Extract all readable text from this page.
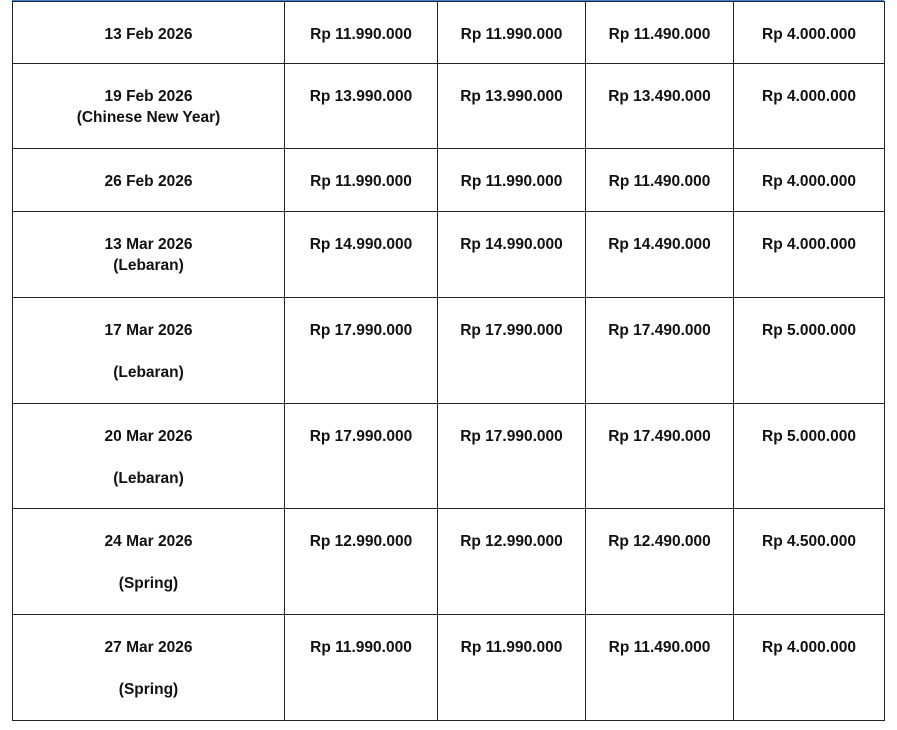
13 Feb 2026	Rp 11.990.000	Rp 11.990.000	Rp 11.490.000	Rp 4.000.000

19 Feb 2026
(Chinese New Year)	Rp 13.990.000	Rp 13.990.000	Rp 13.490.000	Rp 4.000.000

26 Feb 2026	Rp 11.990.000	Rp 11.990.000	Rp 11.490.000	Rp 4.000.000

13 Mar 2026
(Lebaran)	Rp 14.990.000	Rp 14.990.000	Rp 14.490.000	Rp 4.000.000

17 Mar 2026
(Lebaran)	Rp 17.990.000	Rp 17.990.000	Rp 17.490.000	Rp 5.000.000

20 Mar 2026
(Lebaran)	Rp 17.990.000	Rp 17.990.000	Rp 17.490.000	Rp 5.000.000

24 Mar 2026
(Spring)	Rp 12.990.000	Rp 12.990.000	Rp 12.490.000	Rp 4.500.000

27 Mar 2026
(Spring)	Rp 11.990.000	Rp 11.990.000	Rp 11.490.000	Rp 4.000.000
